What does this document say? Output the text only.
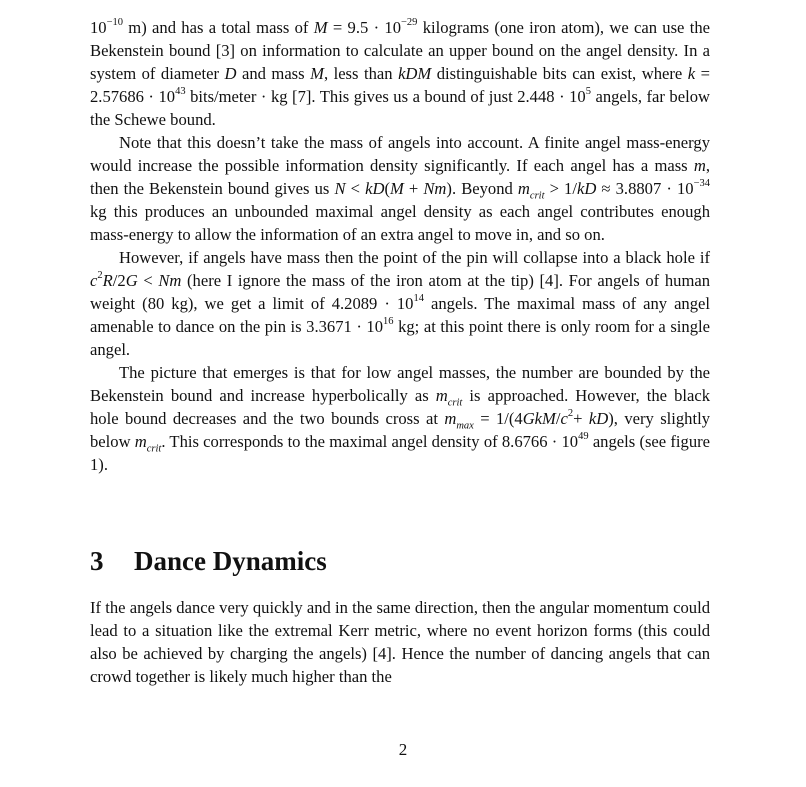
$10^{-10}$ m) and has a total mass of $M = 9.5 \cdot 10^{-29}$ kilograms (one iron atom), we can use the Bekenstein bound [3] on information to calculate an upper bound on the angel density. In a system of diameter D and mass M, less than kDM distinguishable bits can exist, where $k = 2.57686 \cdot 10^{43}$ bits/meter · kg [7]. This gives us a bound of just $2.448 \cdot 10^5$ angels, far below the Schewe bound.

Note that this doesn’t take the mass of angels into account. A finite angel mass-energy would increase the possible information density significantly. If each angel has a mass m, then the Bekenstein bound gives us N < kD(M + Nm). Beyond $m_{crit} > 1/kD \approx 3.8807 \cdot 10^{-34}$ kg this produces an unbounded maximal angel density as each angel contributes enough mass-energy to allow the information of an extra angel to move in, and so on.

However, if angels have mass then the point of the pin will collapse into a black hole if $c^2R/2G < Nm$ (here I ignore the mass of the iron atom at the tip) [4]. For angels of human weight (80 kg), we get a limit of $4.2089 \cdot 10^{14}$ angels. The maximal mass of any angel amenable to dance on the pin is $3.3671 \cdot 10^{16}$ kg; at this point there is only room for a single angel.

The picture that emerges is that for low angel masses, the number are bounded by the Bekenstein bound and increase hyperbolically as $m_{crit}$ is approached. However, the black hole bound decreases and the two bounds cross at $m_{max} = 1/(4GkM/c^2+ kD)$, very slightly below $m_{crit}$. This corresponds to the maximal angel density of $8.6766 \cdot 10^{49}$ angels (see figure 1).

3 Dance Dynamics

If the angels dance very quickly and in the same direction, then the angular momentum could lead to a situation like the extremal Kerr metric, where no event horizon forms (this could also be achieved by charging the angels) [4]. Hence the number of dancing angels that can crowd together is likely much higher than the

2
